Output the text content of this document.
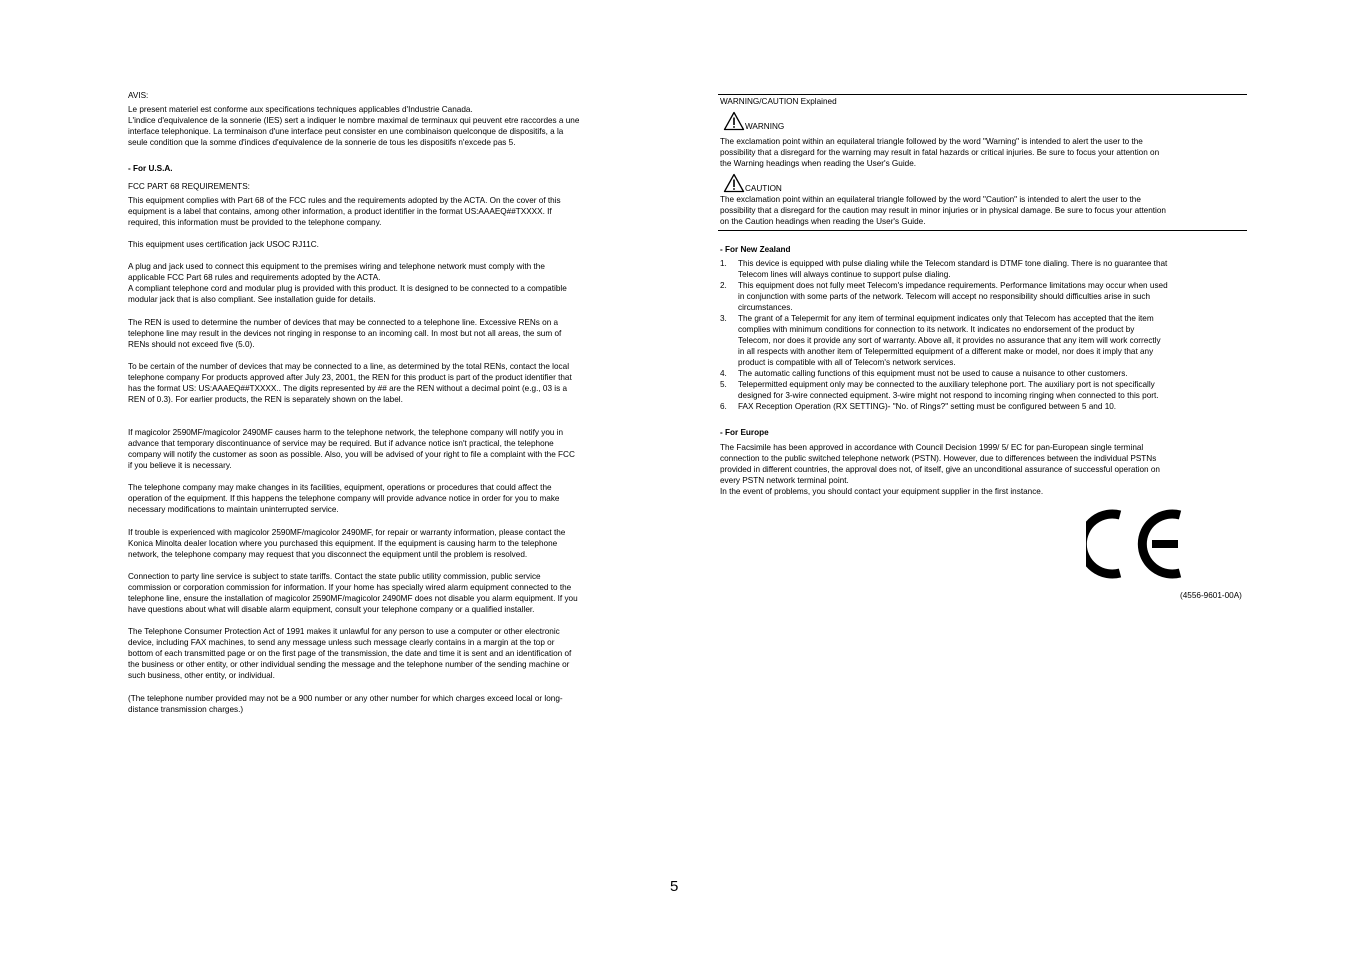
AVIS:

Le present materiel est conforme aux specifications techniques applicables d'Industrie Canada.
L'indice d'equivalence de la sonnerie (IES) sert a indiquer le nombre maximal de terminaux qui peuvent etre raccordes a une
interface telephonique. La terminaison d'une interface peut consister en une combinaison quelconque de dispositifs, a la
seule condition que la somme d'indices d'equivalence de la sonnerie de tous les dispositifs n'excede pas 5.

- For U.S.A.

FCC PART 68 REQUIREMENTS:

This equipment complies with Part 68 of the FCC rules and the requirements adopted by the ACTA. On the cover of this
equipment is a label that contains, among other information, a product identifier in the format US:AAAEQ##TXXXX. If
required, this information must be provided to the telephone company.

This equipment uses certification jack USOC RJ11C.

A plug and jack used to connect this equipment to the premises wiring and telephone network must comply with the
applicable FCC Part 68 rules and requirements adopted by the ACTA.
A compliant telephone cord and modular plug is provided with this product. It is designed to be connected to a compatible
modular jack that is also compliant. See installation guide for details.

The REN is used to determine the number of devices that may be connected to a telephone line. Excessive RENs on a
telephone line may result in the devices not ringing in response to an incoming call. In most but not all areas, the sum of
RENs should not exceed five (5.0).

To be certain of the number of devices that may be connected to a line, as determined by the total RENs, contact the local
telephone company For products approved after July 23, 2001, the REN for this product is part of the product identifier that
has the format US: US:AAAEQ##TXXXX.. The digits represented by ## are the REN without a decimal point (e.g., 03 is a
REN of 0.3). For earlier products, the REN is separately shown on the label.

If magicolor 2590MF/magicolor 2490MF causes harm to the telephone network, the telephone company will notify you in
advance that temporary discontinuance of service may be required. But if advance notice isn't practical, the telephone
company will notify the customer as soon as possible. Also, you will be advised of your right to file a complaint with the FCC
if you believe it is necessary.

The telephone company may make changes in its facilities, equipment, operations or procedures that could affect the
operation of the equipment. If this happens the telephone company will provide advance notice in order for you to make
necessary modifications to maintain uninterrupted service.

If trouble is experienced with magicolor 2590MF/magicolor 2490MF, for repair or warranty information, please contact the
Konica Minolta dealer location where you purchased this equipment. If the equipment is causing harm to the telephone
network, the telephone company may request that you disconnect the equipment until the problem is resolved.

Connection to party line service is subject to state tariffs. Contact the state public utility commission, public service
commission or corporation commission for information. If your home has specially wired alarm equipment connected to the
telephone line, ensure the installation of magicolor 2590MF/magicolor 2490MF does not disable you alarm equipment. If you
have questions about what will disable alarm equipment, consult your telephone company or a qualified installer.

The Telephone Consumer Protection Act of 1991 makes it unlawful for any person to use a computer or other electronic
device, including FAX machines, to send any message unless such message clearly contains in a margin at the top or
bottom of each transmitted page or on the first page of the transmission, the date and time it is sent and an identification of
the business or other entity, or other individual sending the message and the telephone number of the sending machine or
such business, other entity, or individual.

(The telephone number provided may not be a 900 number or any other number for which charges exceed local or long-
distance transmission charges.)

WARNING/CAUTION Explained

WARNING

The exclamation point within an equilateral triangle followed by the word "Warning" is intended to alert the user to the
possibility that a disregard for the warning may result in fatal hazards or critical injuries. Be sure to focus your attention on
the Warning headings when reading the User's Guide.

CAUTION

The exclamation point within an equilateral triangle followed by the word "Caution" is intended to alert the user to the
possibility that a disregard for the caution may result in minor injuries or in physical damage. Be sure to focus your attention
on the Caution headings when reading the User's Guide.

- For New Zealand

1. This device is equipped with pulse dialing while the Telecom standard is DTMF tone dialing. There is no guarantee that
Telecom lines will always continue to support pulse dialing.
2. This equipment does not fully meet Telecom's impedance requirements. Performance limitations may occur when used
in conjunction with some parts of the network. Telecom will accept no responsibility should difficulties arise in such
circumstances.
3. The grant of a Telepermit for any item of terminal equipment indicates only that Telecom has accepted that the item
complies with minimum conditions for connection to its network. It indicates no endorsement of the product by
Telecom, nor does it provide any sort of warranty. Above all, it provides no assurance that any item will work correctly
in all respects with another item of Telepermitted equipment of a different make or model, nor does it imply that any
product is compatible with all of Telecom's network services.
4. The automatic calling functions of this equipment must not be used to cause a nuisance to other customers.
5. Telepermitted equipment only may be connected to the auxiliary telephone port. The auxiliary port is not specifically
designed for 3-wire connected equipment. 3-wire might not respond to incoming ringing when connected to this port.
6. FAX Reception Operation (RX SETTING)- "No. of Rings?" setting must be configured between 5 and 10.

- For Europe

The Facsimile has been approved in accordance with Council Decision 1999/ 5/ EC for pan-European single terminal
connection to the public switched telephone network (PSTN). However, due to differences between the individual PSTNs
provided in different countries, the approval does not, of itself, give an unconditional assurance of successful operation on
every PSTN network terminal point.
In the event of problems, you should contact your equipment supplier in the first instance.

(4556-9601-00A)
5
